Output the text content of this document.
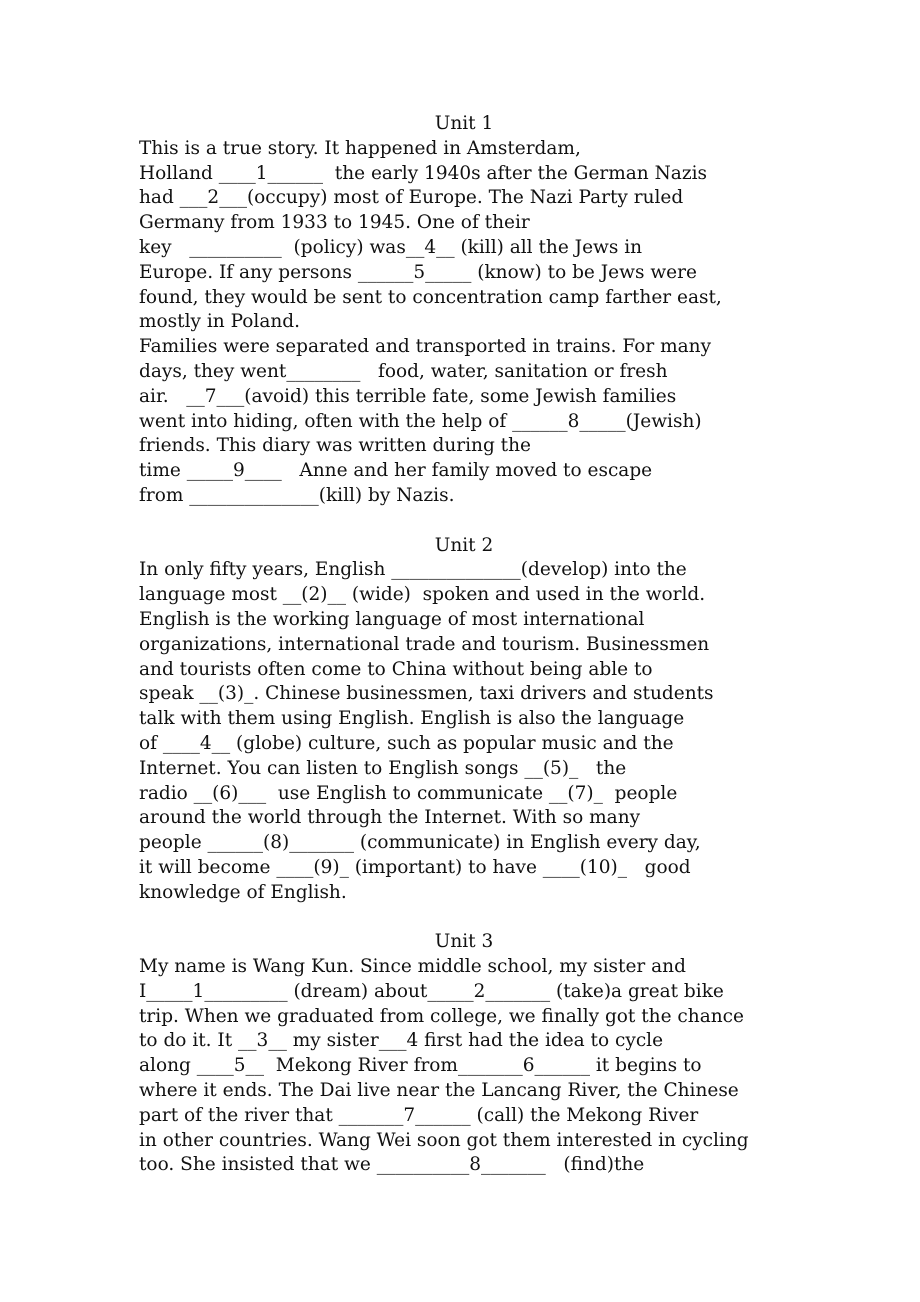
Unit 1

This is a true story. It happened in Amsterdam,

Holland ____1______  the early 1940s after the German Nazis

had ___2___(occupy) most of Europe. The Nazi Party ruled

Germany from 1933 to 1945. One of their

key   __________  (policy) was__4__ (kill) all the Jews in

Europe. If any persons ______5_____ (know) to be Jews were

found, they would be sent to concentration camp farther east,

mostly in Poland.

Families were separated and transported in trains. For many

days, they went________   food, water, sanitation or fresh

air.   __7___(avoid) this terrible fate, some Jewish families

went into hiding, often with the help of ______8_____(Jewish)

friends. This diary was written during the

time _____9____   Anne and her family moved to escape

from ______________(kill) by Nazis.

Unit 2

In only fifty years, English ______________(develop) into the

language most __(2)__ (wide)  spoken and used in the world.

English is the working language of most international

organizations, international trade and tourism. Businessmen

and tourists often come to China without being able to

speak __(3)_. Chinese businessmen, taxi drivers and students

talk with them using English. English is also the language

of ____4__ (globe) culture, such as popular music and the

Internet. You can listen to English songs __(5)_   the

radio __(6)___  use English to communicate __(7)_  people

around the world through the Internet. With so many

people ______(8)_______ (communicate) in English every day,

it will become ____(9)_ (important) to have ____(10)_   good

knowledge of English.

Unit 3

My name is Wang Kun. Since middle school, my sister and

I_____1_________ (dream) about_____2_______ (take)a great bike

trip. When we graduated from college, we finally got the chance

to do it. It __3__ my sister___4 first had the idea to cycle

along ____5__  Mekong River from_______6______ it begins to

where it ends. The Dai live near the Lancang River, the Chinese

part of the river that _______7______ (call) the Mekong River

in other countries. Wang Wei soon got them interested in cycling

too. She insisted that we __________8_______   (find)the
